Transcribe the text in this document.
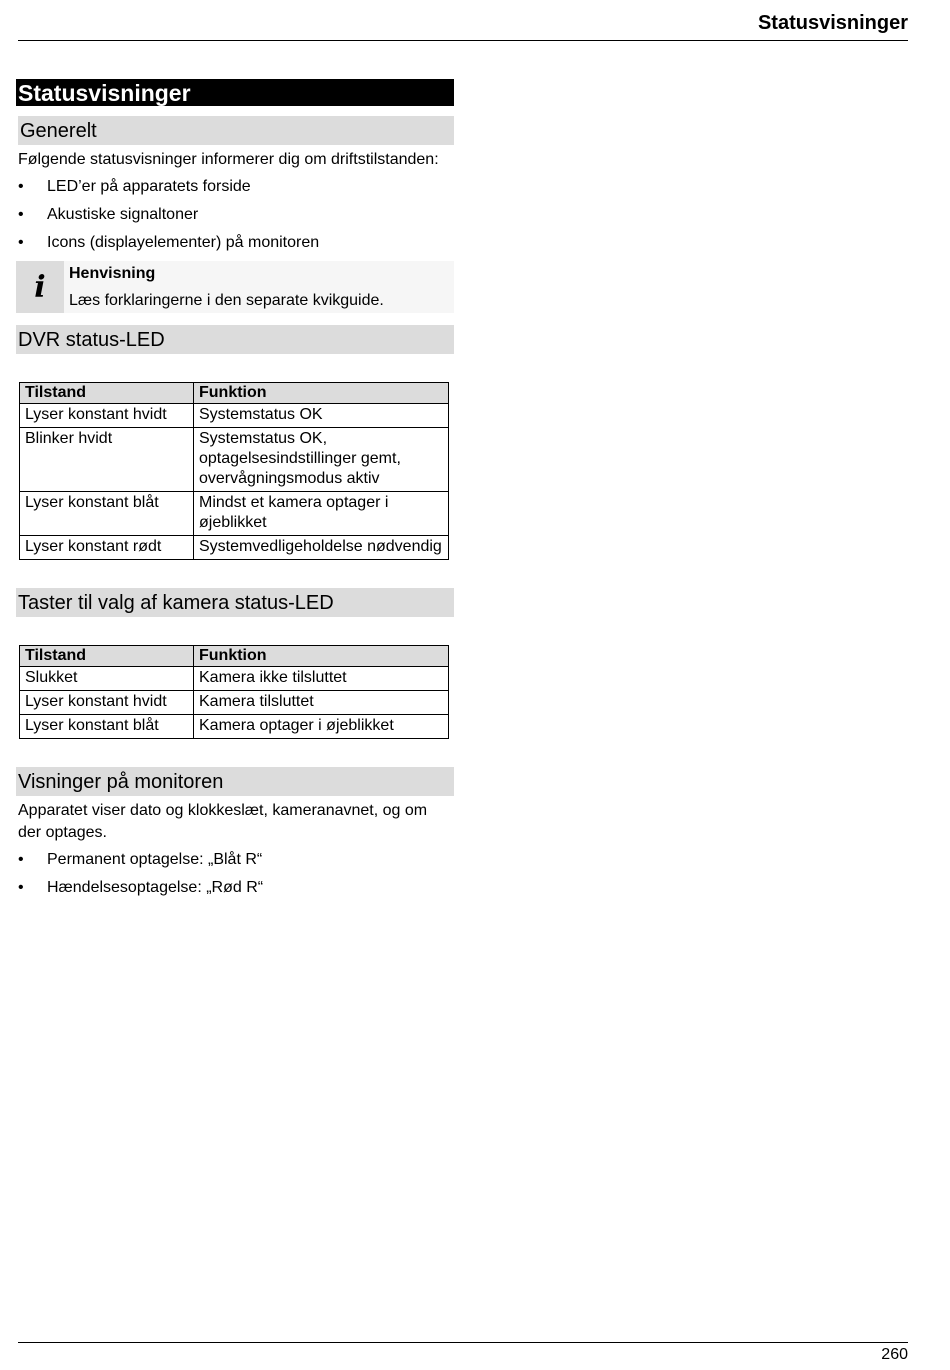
Statusvisninger
Statusvisninger
Generelt

Følgende statusvisninger informerer dig om driftstilstanden:

• LED’er på apparatets forside
• Akustiske signaltoner
• Icons (displayelementer) på monitoren
i	Henvisning
Læs forklaringerne i den separate kvikguide.
DVR status-LED
Tilstand	Funktion
Lyser konstant hvidt	Systemstatus OK
Blinker hvidt	Systemstatus OK, optagelsesindstillinger gemt, overvågningsmodus aktiv
Lyser konstant blåt	Mindst et kamera optager i øjeblikket
Lyser konstant rødt	Systemvedligeholdelse nødvendig
Taster til valg af kamera status-LED
Tilstand	Funktion
Slukket	Kamera ikke tilsluttet
Lyser konstant hvidt	Kamera tilsluttet
Lyser konstant blåt	Kamera optager i øjeblikket
Visninger på monitoren

Apparatet viser dato og klokkeslæt, kameranavnet, og om der optages.

• Permanent optagelse: „Blåt R“
• Hændelsesoptagelse: „Rød R“
260
